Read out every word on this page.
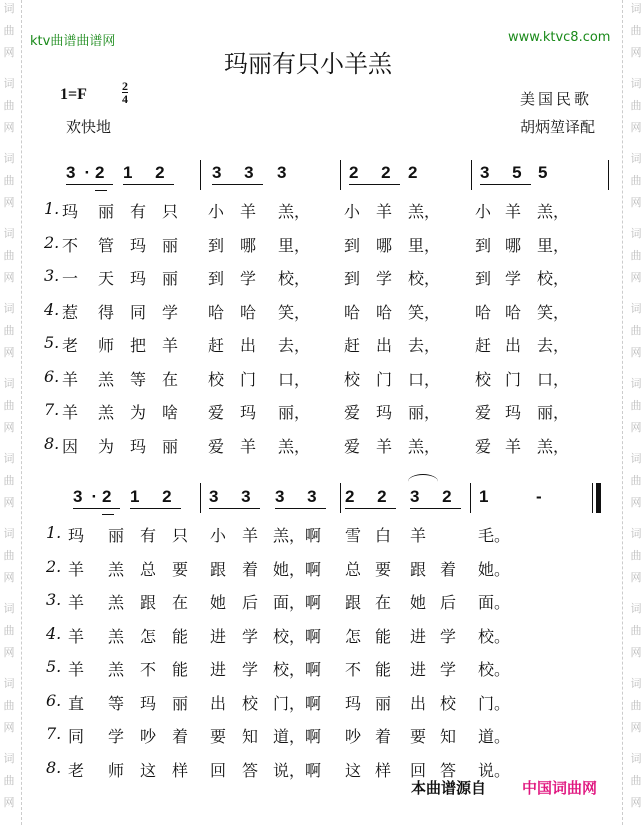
词曲网
词曲网
词曲网
词曲网
词曲网
词曲网
词曲网
词曲网
词曲网
词曲网
词曲网
词曲网
词曲网
词曲网
词曲网
词曲网
词曲网
词曲网
词曲网
词曲网
词曲网
词曲网
ktv曲谱曲谱网	www.ktvc8.com
玛丽有只小羊羔
1=F	2
4
欢快地
美国民歌
胡炳堃译配
3·
2 1 2 3 3 3	2 2 2	3 5 5
3·
2 1 2 3 3 3 3 2 2 3 2 1	-
1. 玛 丽 有 只 小 羊 羔， 小 羊 羔， 小 羊 羔，
2. 不 管 玛 丽 到 哪 里， 到 哪 里， 到 哪 里，
3. 一 天 玛 丽 到 学 校， 到 学 校， 到 学 校，
4. 惹 得 同 学 哈 哈 笑， 哈 哈 笑， 哈 哈 笑，
5. 老 师 把 羊 赶 出 去， 赶 出 去， 赶 出 去，
6. 羊 羔 等 在 校 门 口， 校 门 口， 校 门 口，
7. 羊 羔 为 啥 爱 玛 丽， 爱 玛 丽， 爱 玛 丽，
8. 因 为 玛 丽 爱 羊 羔， 爱 羊 羔， 爱 羊 羔，
1. 玛 丽 有 只 小 羊 羔，啊 雪 白 羊	毛。
2. 羊 羔 总 要 跟 着 她，啊 总 要 跟 着 她。
3. 羊 羔 跟 在 她 后 面，啊 跟 在 她 后 面。
4. 羊 羔 怎 能 进 学 校，啊 怎 能 进 学 校。
5. 羊 羔 不 能 进 学 校，啊 不 能 进 学 校。
6. 直 等 玛 丽 出 校 门，啊 玛 丽 出 校 门。
7. 同 学 吵 着 要 知 道，啊 吵 着 要 知 道。
8. 老 师 这 样 回 答 说，啊 这 样 回 答 说。
本曲谱源自 中国词曲网
